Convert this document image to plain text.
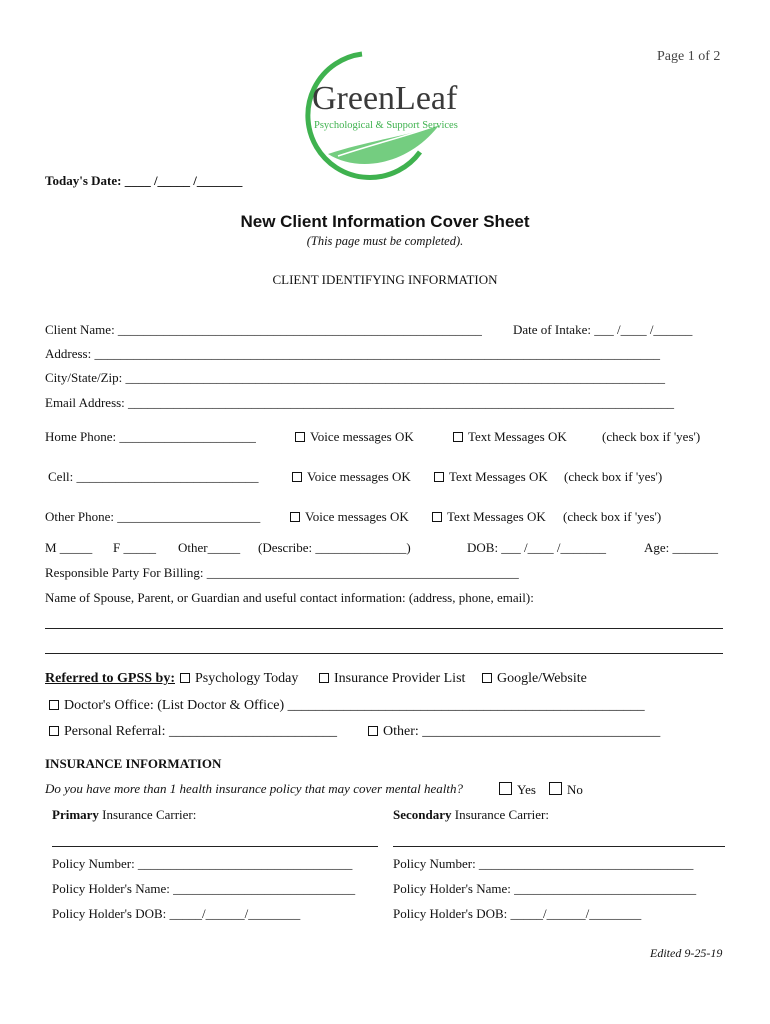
Page 1 of 2
GreenLeaf
Psychological & Support Services
Today's Date: ____ /_____ /_______
New Client Information Cover Sheet
(This page must be completed).
CLIENT IDENTIFYING INFORMATION
Client Name: ________________________________________________________ Date of Intake: ___ /____ /______
Address: _______________________________________________________________________________________
City/State/Zip: ___________________________________________________________________________________
Email Address: ____________________________________________________________________________________
Home Phone: _____________________	Voice messages OK	Text Messages OK	(check box if 'yes')
Cell: ____________________________	Voice messages OK	Text Messages OK (check box if 'yes')
Other Phone: ______________________	Voice messages OK	Text Messages OK (check box if 'yes')
M _____ F _____ Other_____ (Describe: ______________)	DOB: ___ /____ /_______	Age: _______
Responsible Party For Billing: ________________________________________________
Name of Spouse, Parent, or Guardian and useful contact information: (address, phone, email):
Referred to GPSS by:	Psychology Today	Insurance Provider List	Google/Website
Doctor's Office: (List Doctor & Office) ___________________________________________________
Personal Referral: ________________________	Other: __________________________________
INSURANCE INFORMATION
Do you have more than 1 health insurance policy that may cover mental health?	Yes	No
Primary Insurance Carrier:	Secondary Insurance Carrier:
Policy Number: _________________________________	Policy Number: _________________________________
Policy Holder's Name: ____________________________	Policy Holder's Name: ____________________________
Policy Holder's DOB: _____/______/________	Policy Holder's DOB: _____/______/________
Edited 9-25-19
